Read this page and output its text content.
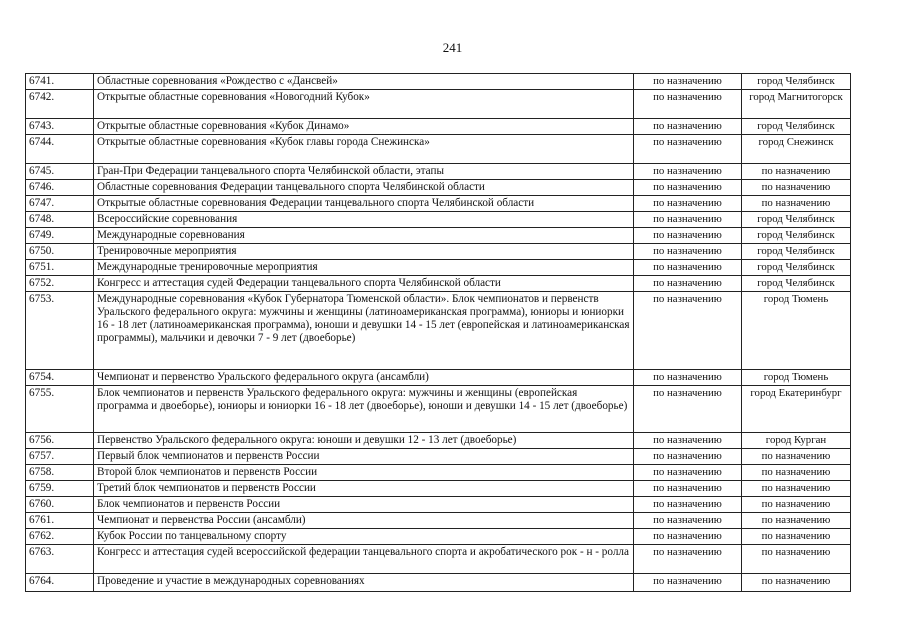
241
6741.	Областные соревнования «Рождество с «Дансвей»	по назначению	город Челябинск
6742.	Открытые областные соревнования «Новогодний Кубок»	по назначению	город Магнитогорск
6743.	Открытые областные соревнования «Кубок Динамо»	по назначению	город Челябинск
6744.	Открытые областные соревнования «Кубок главы города Снежинска»	по назначению	город Снежинск
6745.	Гран-При Федерации танцевального спорта Челябинской области, этапы	по назначению	по назначению
6746.	Областные соревнования Федерации танцевального спорта Челябинской области	по назначению	по назначению
6747.	Открытые областные соревнования Федерации танцевального спорта Челябинской области	по назначению	по назначению
6748.	Всероссийские соревнования	по назначению	город Челябинск
6749.	Международные соревнования	по назначению	город Челябинск
6750.	Тренировочные мероприятия	по назначению	город Челябинск
6751.	Международные тренировочные мероприятия	по назначению	город Челябинск
6752.	Конгресс и аттестация судей Федерации танцевального спорта Челябинской области	по назначению	город Челябинск
6753.	Международные соревнования «Кубок Губернатора Тюменской области». Блок чемпионатов и первенств Уральского федерального округа: мужчины и женщины (латиноамериканская программа), юниоры и юниорки 16 - 18 лет (латиноамериканская программа), юноши и девушки 14 - 15 лет (европейская и латиноамериканская программы), мальчики и девочки 7 - 9 лет (двоеборье)	по назначению	город Тюмень
6754.	Чемпионат и первенство Уральского федерального округа (ансамбли)	по назначению	город Тюмень
6755.	Блок чемпионатов и первенств Уральского федерального округа: мужчины и женщины (европейская программа и двоеборье), юниоры и юниорки 16 - 18 лет (двоеборье), юноши и девушки 14 - 15 лет (двоеборье)	по назначению	город Екатеринбург
6756.	Первенство Уральского федерального округа: юноши и девушки 12 - 13 лет (двоеборье)	по назначению	город Курган
6757.	Первый блок чемпионатов и первенств России	по назначению	по назначению
6758.	Второй блок чемпионатов и первенств России	по назначению	по назначению
6759.	Третий блок чемпионатов и первенств России	по назначению	по назначению
6760.	Блок чемпионатов и первенств России	по назначению	по назначению
6761.	Чемпионат и первенства России (ансамбли)	по назначению	по назначению
6762.	Кубок России по танцевальному спорту	по назначению	по назначению
6763.	Конгресс и аттестация судей всероссийской федерации танцевального спорта и акробатического рок - н - ролла	по назначению	по назначению
6764.	Проведение и участие в международных соревнованиях	по назначению	по назначению
